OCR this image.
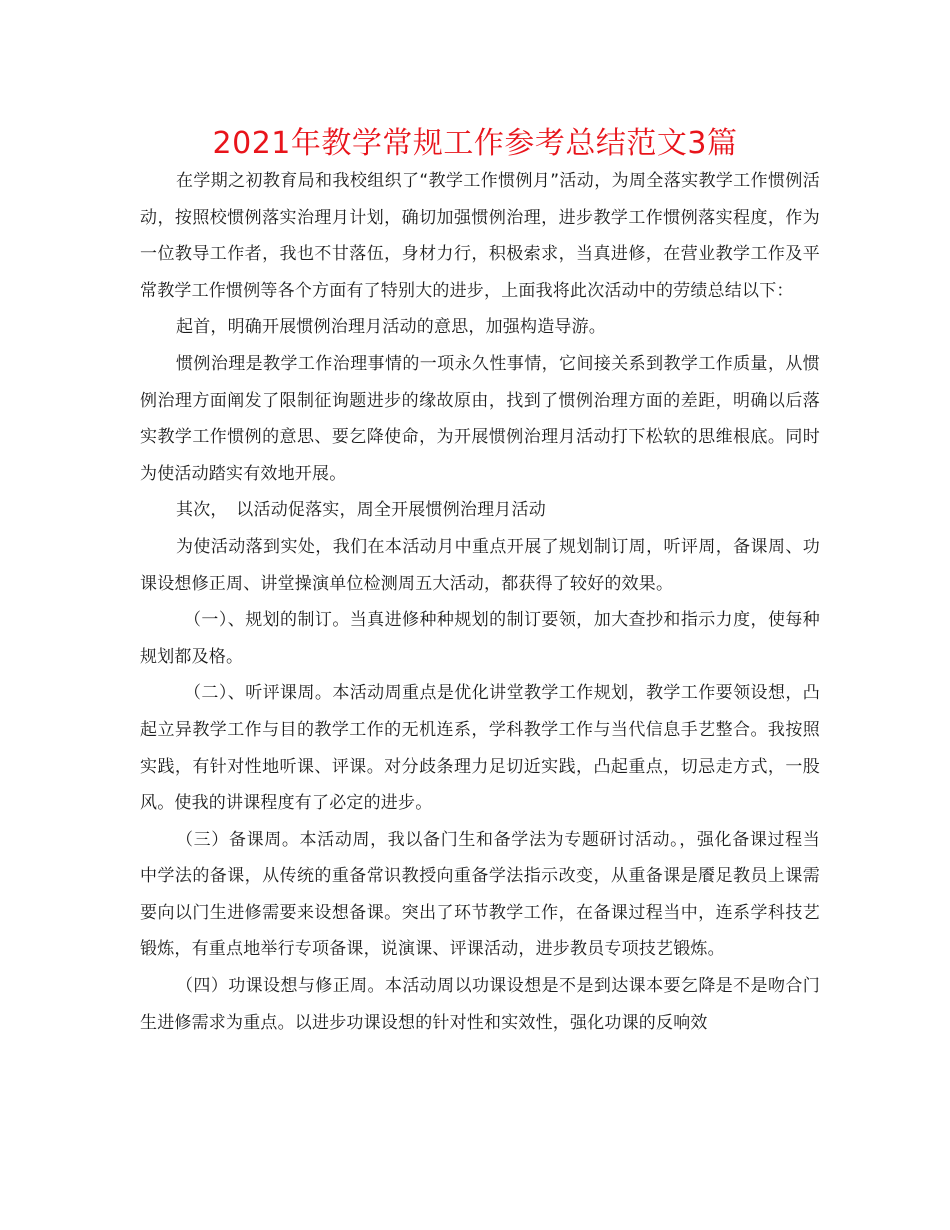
2021年教学常规工作参考总结范文3篇

在学期之初教育局和我校组织了“教学工作惯例月”活动，为周全落实教学工作惯例活动，按照校惯例落实治理月计划，确切加强惯例治理，进步教学工作惯例落实程度，作为一位教导工作者，我也不甘落伍，身材力行，积极索求，当真进修，在营业教学工作及平常教学工作惯例等各个方面有了特别大的进步，上面我将此次活动中的劳绩总结以下：

起首，明确开展惯例治理月活动的意思，加强构造导游。

惯例治理是教学工作治理事情的一项永久性事情，它间接关系到教学工作质量，从惯例治理方面阐发了限制征询题进步的缘故原由，找到了惯例治理方面的差距，明确以后落实教学工作惯例的意思、要乞降使命，为开展惯例治理月活动打下松软的思维根底。同时为使活动踏实有效地开展。

其次，　以活动促落实，周全开展惯例治理月活动

为使活动落到实处，我们在本活动月中重点开展了规划制订周，听评周，备课周、功课设想修正周、讲堂操演单位检测周五大活动，都获得了较好的效果。

（一）、规划的制订。当真进修种种规划的制订要领，加大查抄和指示力度，使每种规划都及格。

（二）、听评课周。本活动周重点是优化讲堂教学工作规划，教学工作要领设想，凸起立异教学工作与目的教学工作的无机连系，学科教学工作与当代信息手艺整合。我按照实践，有针对性地听课、评课。对分歧条理力足切近实践，凸起重点，切忌走方式，一股风。使我的讲课程度有了必定的进步。

（三）备课周。本活动周，我以备门生和备学法为专题研讨活动。，强化备课过程当中学法的备课，从传统的重备常识教授向重备学法指示改变，从重备课是餍足教员上课需要向以门生进修需要来设想备课。突出了环节教学工作，在备课过程当中，连系学科技艺锻炼，有重点地举行专项备课，说演课、评课活动，进步教员专项技艺锻炼。

（四）功课设想与修正周。本活动周以功课设想是不是到达课本要乞降是不是吻合门生进修需求为重点。以进步功课设想的针对性和实效性，强化功课的反响效
